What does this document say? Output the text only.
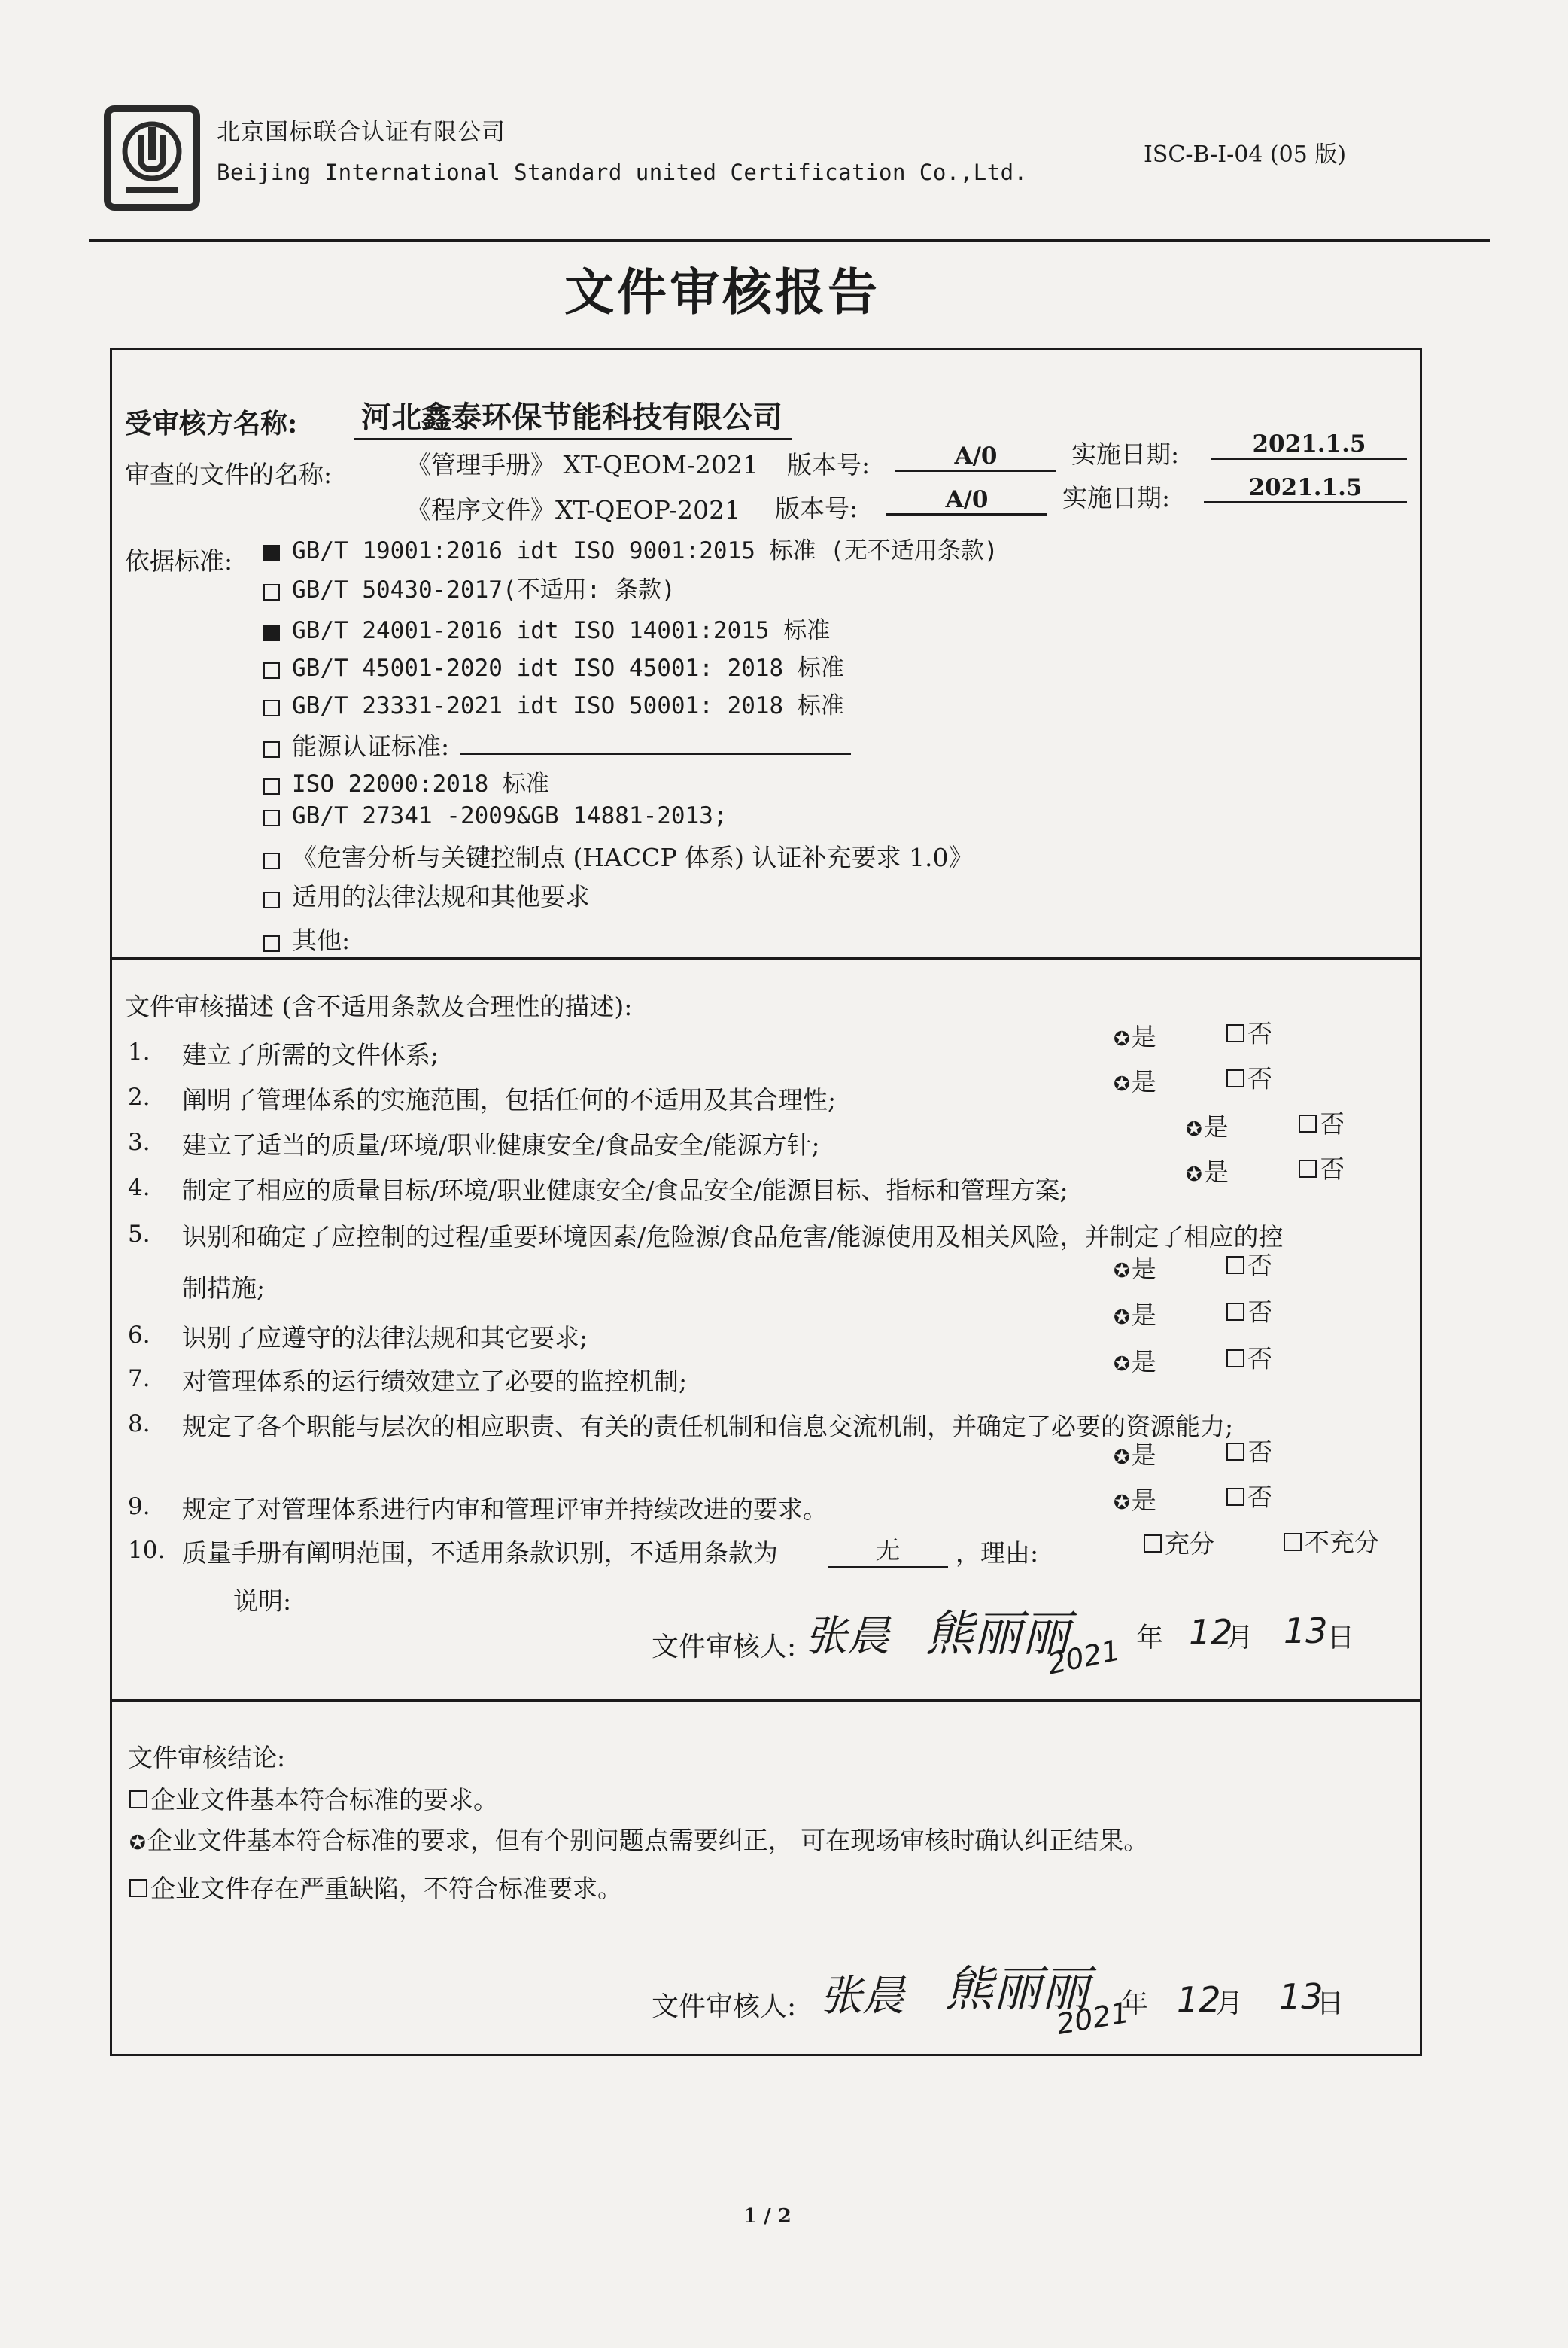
北京国标联合认证有限公司
Beijing International Standard united Certification Co.,Ltd.
ISC-B-I-04 (05 版)
文件审核报告
受审核方名称: 河北鑫泰环保节能科技有限公司
审查的文件的名称:	《管理手册》 XT-QEOM-2021 版本号:	A/0	实施日期:	2021.1.5
《程序文件》XT-QEOP-2021 版本号:	A/0	实施日期:	2021.1.5
依据标准:	GB/T 19001:2016 idt ISO 9001:2015 标准 (无不适用条款)
GB/T 50430-2017(不适用: 条款)
GB/T 24001-2016 idt ISO 14001:2015 标准
GB/T 45001-2020 idt ISO 45001: 2018 标准
GB/T 23331-2021 idt ISO 50001: 2018 标准
能源认证标准:
ISO 22000:2018 标准
GB/T 27341 -2009&GB 14881-2013;
《危害分析与关键控制点 (HACCP 体系) 认证补充要求 1.0》
适用的法律法规和其他要求
其他:
文件审核描述 (含不适用条款及合理性的描述):
1. 建立了所需的文件体系;
✪是	否
2. 阐明了管理体系的实施范围，包括任何的不适用及其合理性;
✪是	否
3. 建立了适当的质量/环境/职业健康安全/食品安全/能源方针;
✪是	否
4. 制定了相应的质量目标/环境/职业健康安全/食品安全/能源目标、指标和管理方案;
✪是	否
5. 识别和确定了应控制的过程/重要环境因素/危险源/食品危害/能源使用及相关风险，并制定了相应的控
制措施;
✪是	否
6. 识别了应遵守的法律法规和其它要求;
✪是	否
7. 对管理体系的运行绩效建立了必要的监控机制;
✪是	否
8. 规定了各个职能与层次的相应职责、有关的责任机制和信息交流机制，并确定了必要的资源能力;
✪是	否
9. 规定了对管理体系进行内审和管理评审并持续改进的要求。	✪是	否
10. 质量手册有阐明范围，不适用条款识别，不适用条款为	无	，理由:	充分	不充分
说明:
文件审核人: 张晨 熊丽丽
2021 年 12
月 13 日
文件审核结论:
企业文件基本符合标准的要求。
✪企业文件基本符合标准的要求，但有个别问题点需要纠正， 可在现场审核时确认纠正结果。
企业文件存在严重缺陷，不符合标准要求。
文件审核人: 张晨 熊丽丽
2021
年 12
月 13
日
1 / 2
